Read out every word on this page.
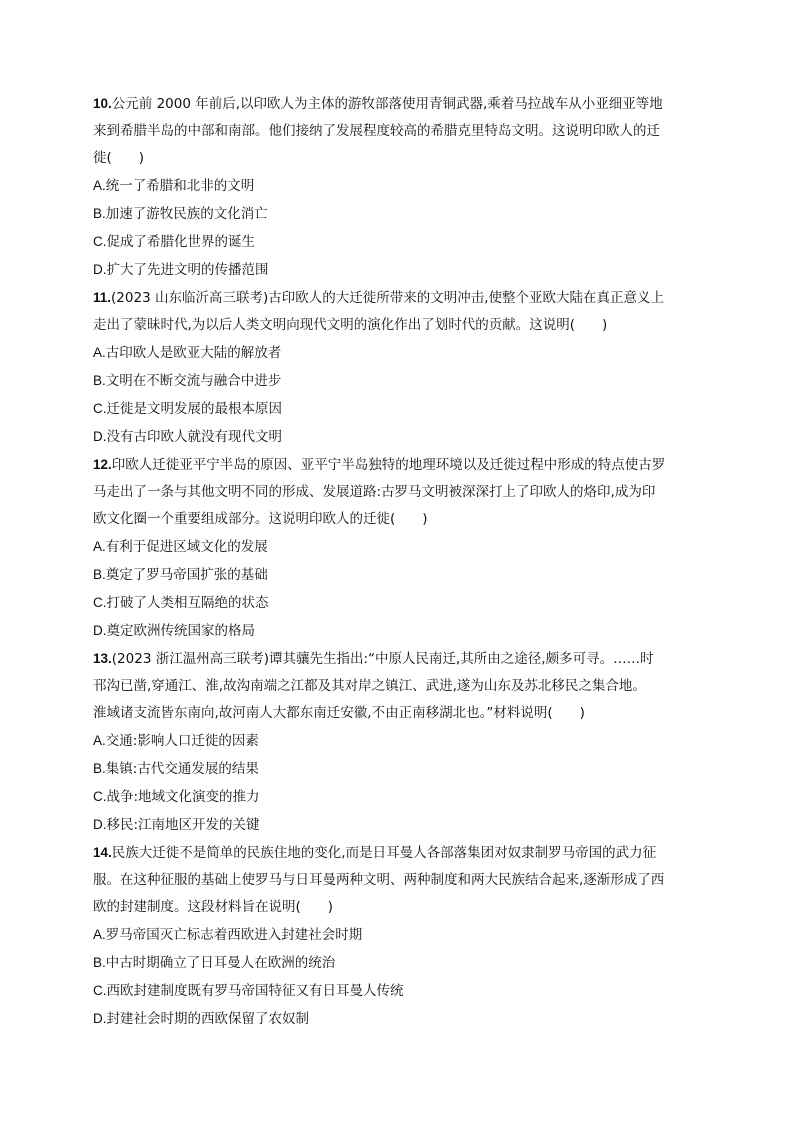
10.公元前 2000 年前后,以印欧人为主体的游牧部落使用青铜武器,乘着马拉战车从小亚细亚等地
来到希腊半岛的中部和南部。他们接纳了发展程度较高的希腊克里特岛文明。这说明印欧人的迁
徙(　　)

A.统一了希腊和北非的文明

B.加速了游牧民族的文化消亡

C.促成了希腊化世界的诞生

D.扩大了先进文明的传播范围

11.(2023 山东临沂高三联考)古印欧人的大迁徙所带来的文明冲击,使整个亚欧大陆在真正意义上
走出了蒙昧时代,为以后人类文明向现代文明的演化作出了划时代的贡献。这说明(　　)

A.古印欧人是欧亚大陆的解放者

B.文明在不断交流与融合中进步

C.迁徙是文明发展的最根本原因

D.没有古印欧人就没有现代文明

12.印欧人迁徙亚平宁半岛的原因、亚平宁半岛独特的地理环境以及迁徙过程中形成的特点使古罗
马走出了一条与其他文明不同的形成、发展道路:古罗马文明被深深打上了印欧人的烙印,成为印
欧文化圈一个重要组成部分。这说明印欧人的迁徙(　　)

A.有利于促进区域文化的发展

B.奠定了罗马帝国扩张的基础

C.打破了人类相互隔绝的状态

D.奠定欧洲传统国家的格局

13.(2023 浙江温州高三联考)谭其骧先生指出:“中原人民南迁,其所由之途径,颇多可寻。……时
邗沟已凿,穿通江、淮,故沟南端之江都及其对岸之镇江、武进,遂为山东及苏北移民之集合地。
淮域诸支流皆东南向,故河南人大都东南迁安徽,不由正南移湖北也。”材料说明(　　)

A.交通:影响人口迁徙的因素

B.集镇:古代交通发展的结果

C.战争:地域文化演变的推力

D.移民:江南地区开发的关键

14.民族大迁徙不是简单的民族住地的变化,而是日耳曼人各部落集团对奴隶制罗马帝国的武力征
服。在这种征服的基础上使罗马与日耳曼两种文明、两种制度和两大民族结合起来,逐渐形成了西
欧的封建制度。这段材料旨在说明(　　)

A.罗马帝国灭亡标志着西欧进入封建社会时期

B.中古时期确立了日耳曼人在欧洲的统治

C.西欧封建制度既有罗马帝国特征又有日耳曼人传统

D.封建社会时期的西欧保留了农奴制
